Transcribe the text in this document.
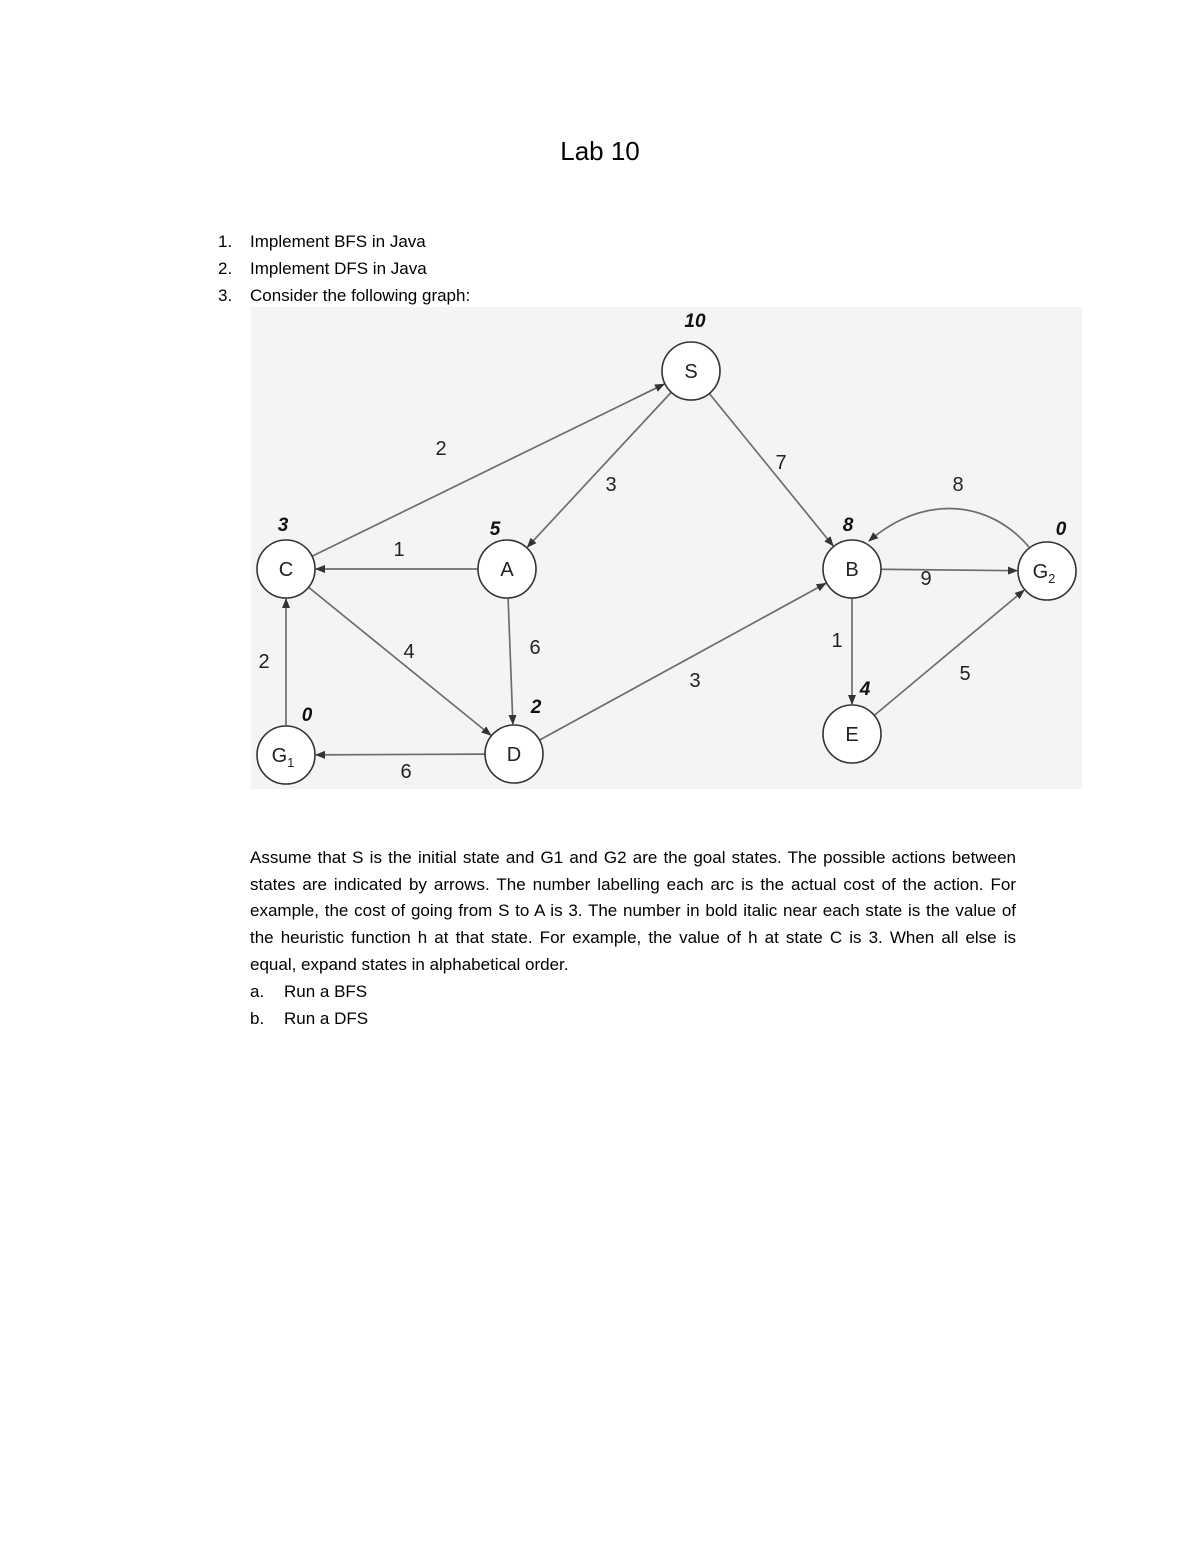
Lab 10
1. Implement BFS in Java
2. Implement DFS in Java
3. Consider the following graph:
2
3
7
1
6
4
2
6
3
9
8
1
5
S
10
C
3
A
5
B
8
$G_2$
0
D
2
$G_1$
0
E
4

Assume that S is the initial state and G1 and G2 are the goal states. The possible actions between states are indicated by arrows. The number labelling each arc is the actual cost of the action. For example, the cost of going from S to A is 3. The number in bold italic near each state is the value of the heuristic function h at that state. For example, the value of h at state C is 3. When all else is equal, expand states in alphabetical order.

a. Run a BFS
b. Run a DFS
